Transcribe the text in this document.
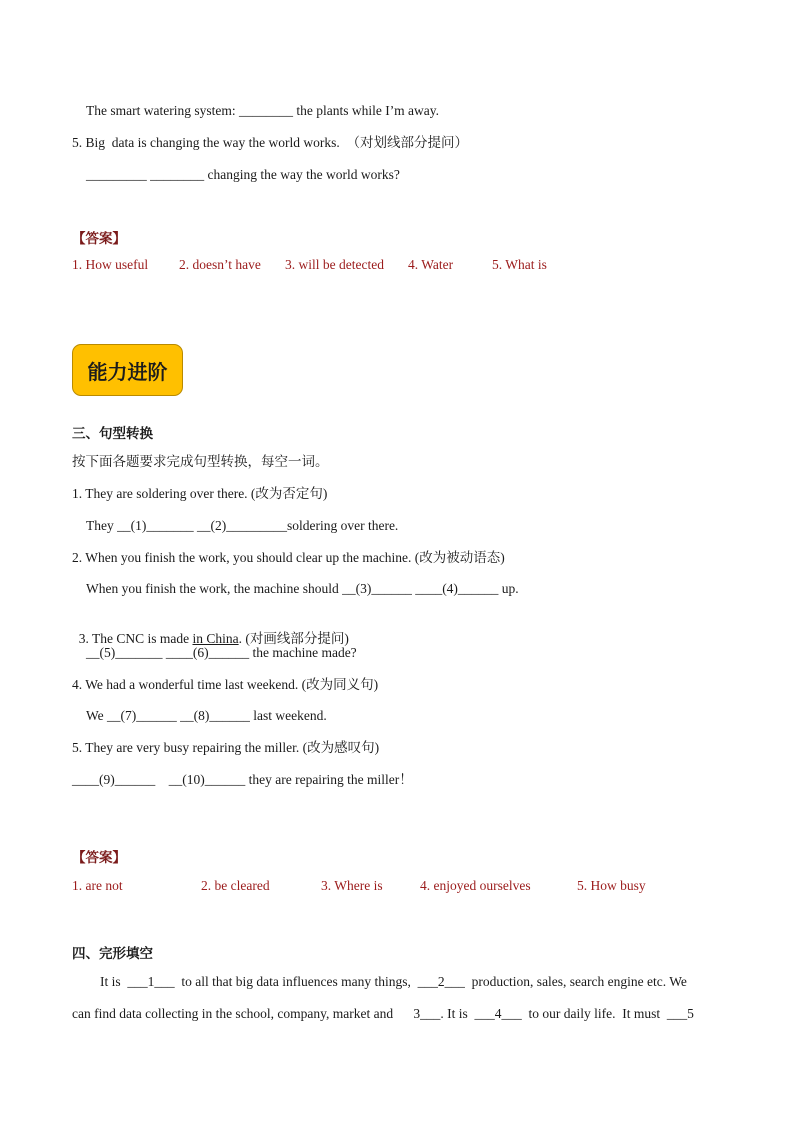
The smart watering system: ________ the plants while I’m away.
5. Big  data is changing the way the world works.  （对划线部分提问）
_________ ________ changing the way the world works?
【答案】
1. How useful 2. doesn’t have 3. will be detected 4. Water	5. What is
能力进阶
三、句型转换
按下面各题要求完成句型转换，每空一词。
1. They are soldering over there. (改为否定句)
They __(1)_______ __(2)_________soldering over there.
2. When you finish the work, you should clear up the machine. (改为被动语态)
When you finish the work, the machine should __(3)______ ____(4)______ up.

3. The CNC is made in China. (对画线部分提问)

__(5)_______ ____(6)______ the machine made?
4. We had a wonderful time last weekend. (改为同义句)
We __(7)______ __(8)______ last weekend.
5. They are very busy repairing the miller. (改为感叹句)
____(9)______    __(10)______ they are repairing the miller！
【答案】
1. are not	2. be cleared	3. Where is	4. enjoyed ourselves	5. How busy
四、完形填空
It is  ___1___  to all that big data influences many things,  ___2___  production, sales, search engine etc. We
can find data collecting in the school, company, market and      3___. It is  ___4___  to our daily life.  It must  ___5
